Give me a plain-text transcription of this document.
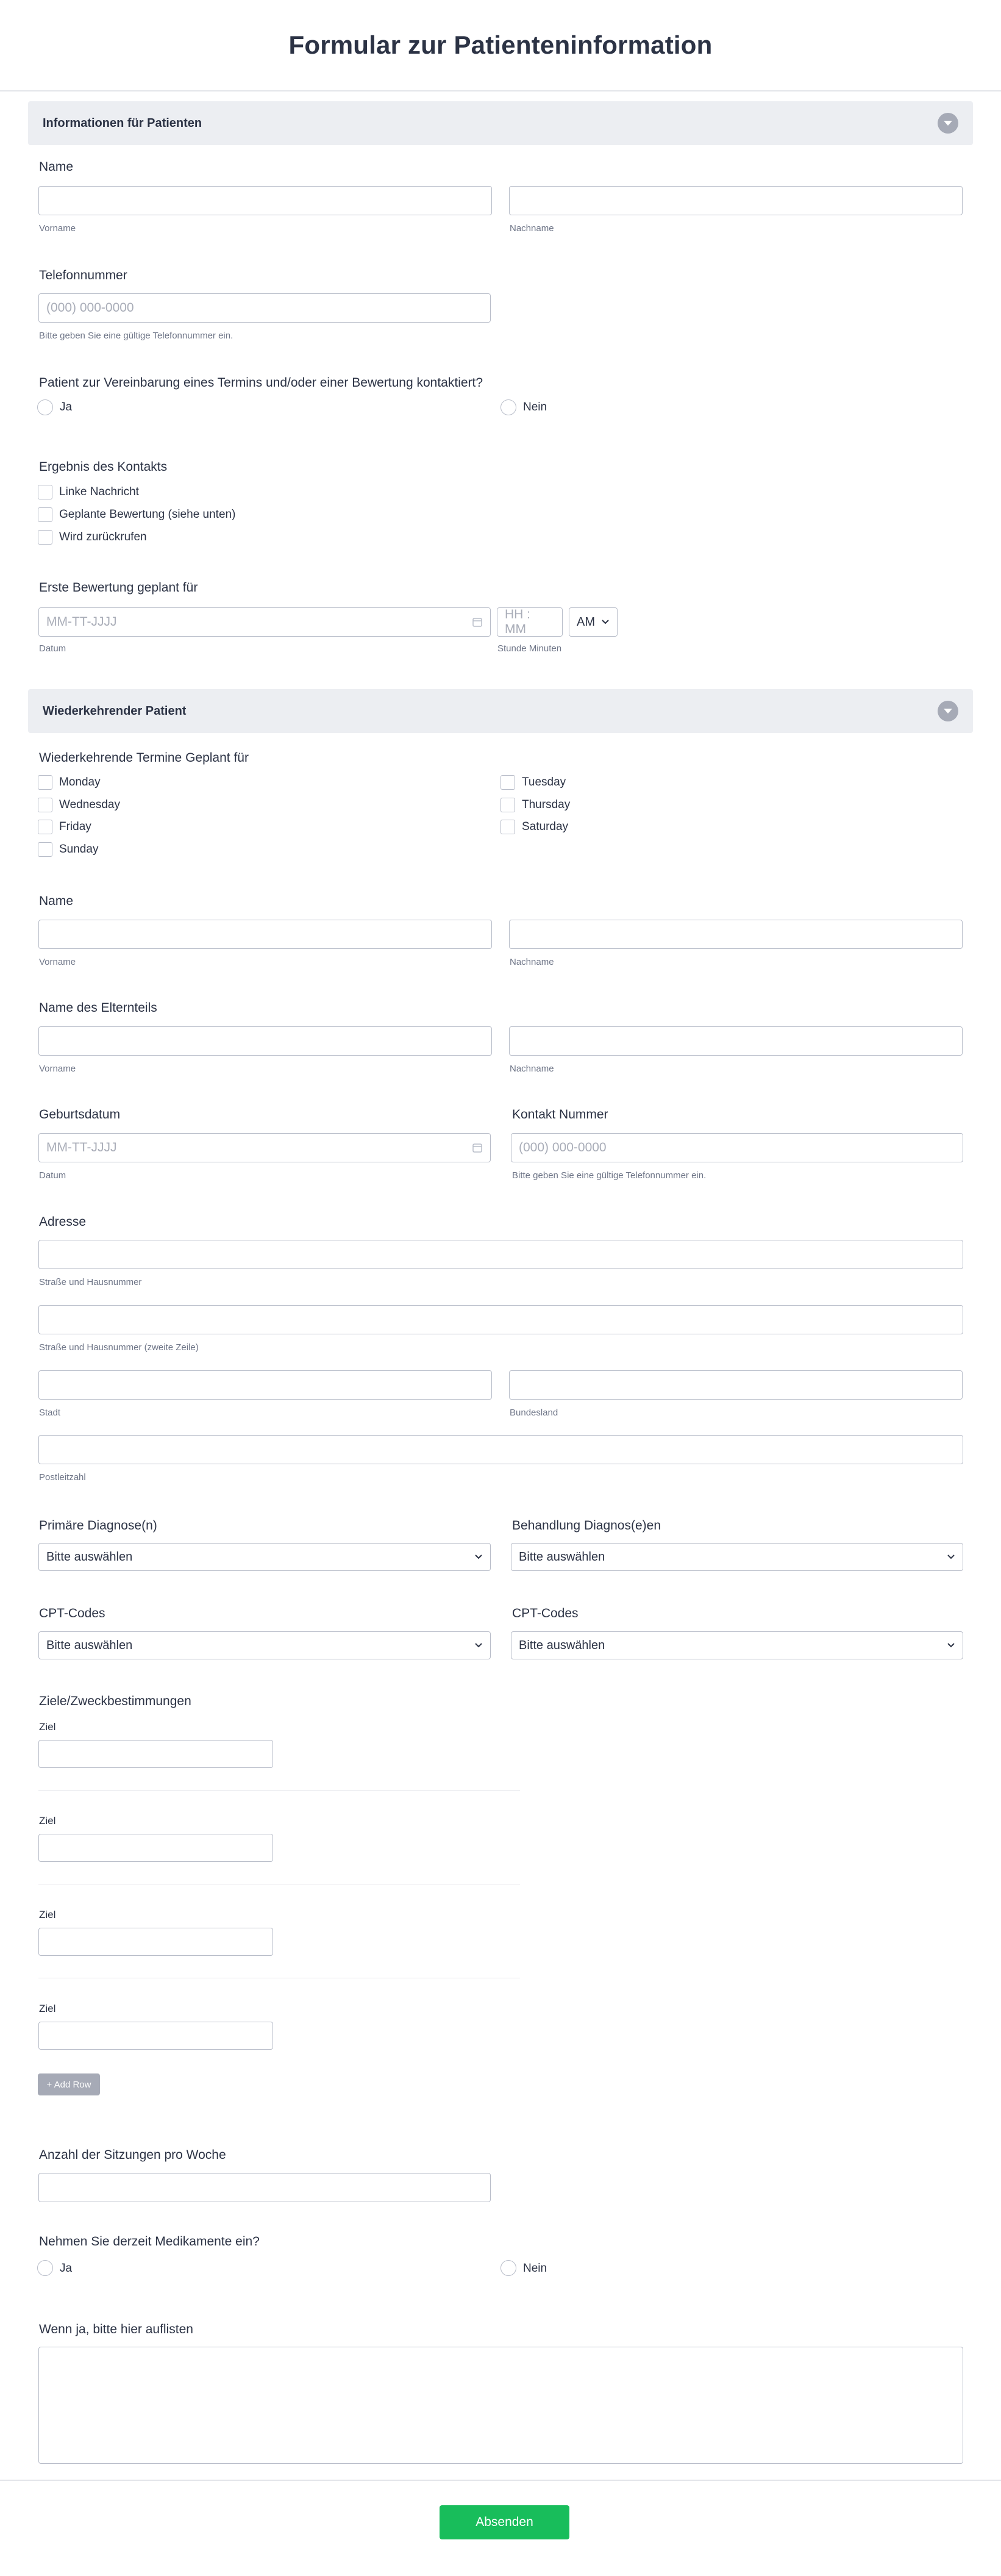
Formular zur Patienteninformation
Informationen für Patienten
Name
Vorname	Nachname
Telefonnummer
(000) 000-0000
Bitte geben Sie eine gültige Telefonnummer ein.
Patient zur Vereinbarung eines Termins und/oder einer Bewertung kontaktiert?
Ja	Nein
Ergebnis des Kontakts
Linke Nachricht
Geplante Bewertung (siehe unten)
Wird zurückrufen
Erste Bewertung geplant für
MM-TT-JJJJ
HH : MM
AM
Datum	Stunde Minuten
Wiederkehrender Patient
Wiederkehrende Termine Geplant für
Monday
Wednesday
Friday
Sunday
Tuesday
Thursday
Saturday
Name
Vorname	Nachname
Name des Elternteils
Vorname	Nachname
Geburtsdatum
MM-TT-JJJJ
Datum
Kontakt Nummer
(000) 000-0000
Bitte geben Sie eine gültige Telefonnummer ein.
Adresse
Straße und Hausnummer
Straße und Hausnummer (zweite Zeile)
Stadt	Bundesland
Postleitzahl
Primäre Diagnose(n)
Bitte auswählen
Behandlung Diagnos(e)en
Bitte auswählen
CPT-Codes
Bitte auswählen
CPT-Codes
Bitte auswählen
Ziele/Zweckbestimmungen
Ziel
Ziel
Ziel
Ziel
+ Add Row
Anzahl der Sitzungen pro Woche
Nehmen Sie derzeit Medikamente ein?
Ja	Nein
Wenn ja, bitte hier auflisten
Absenden
